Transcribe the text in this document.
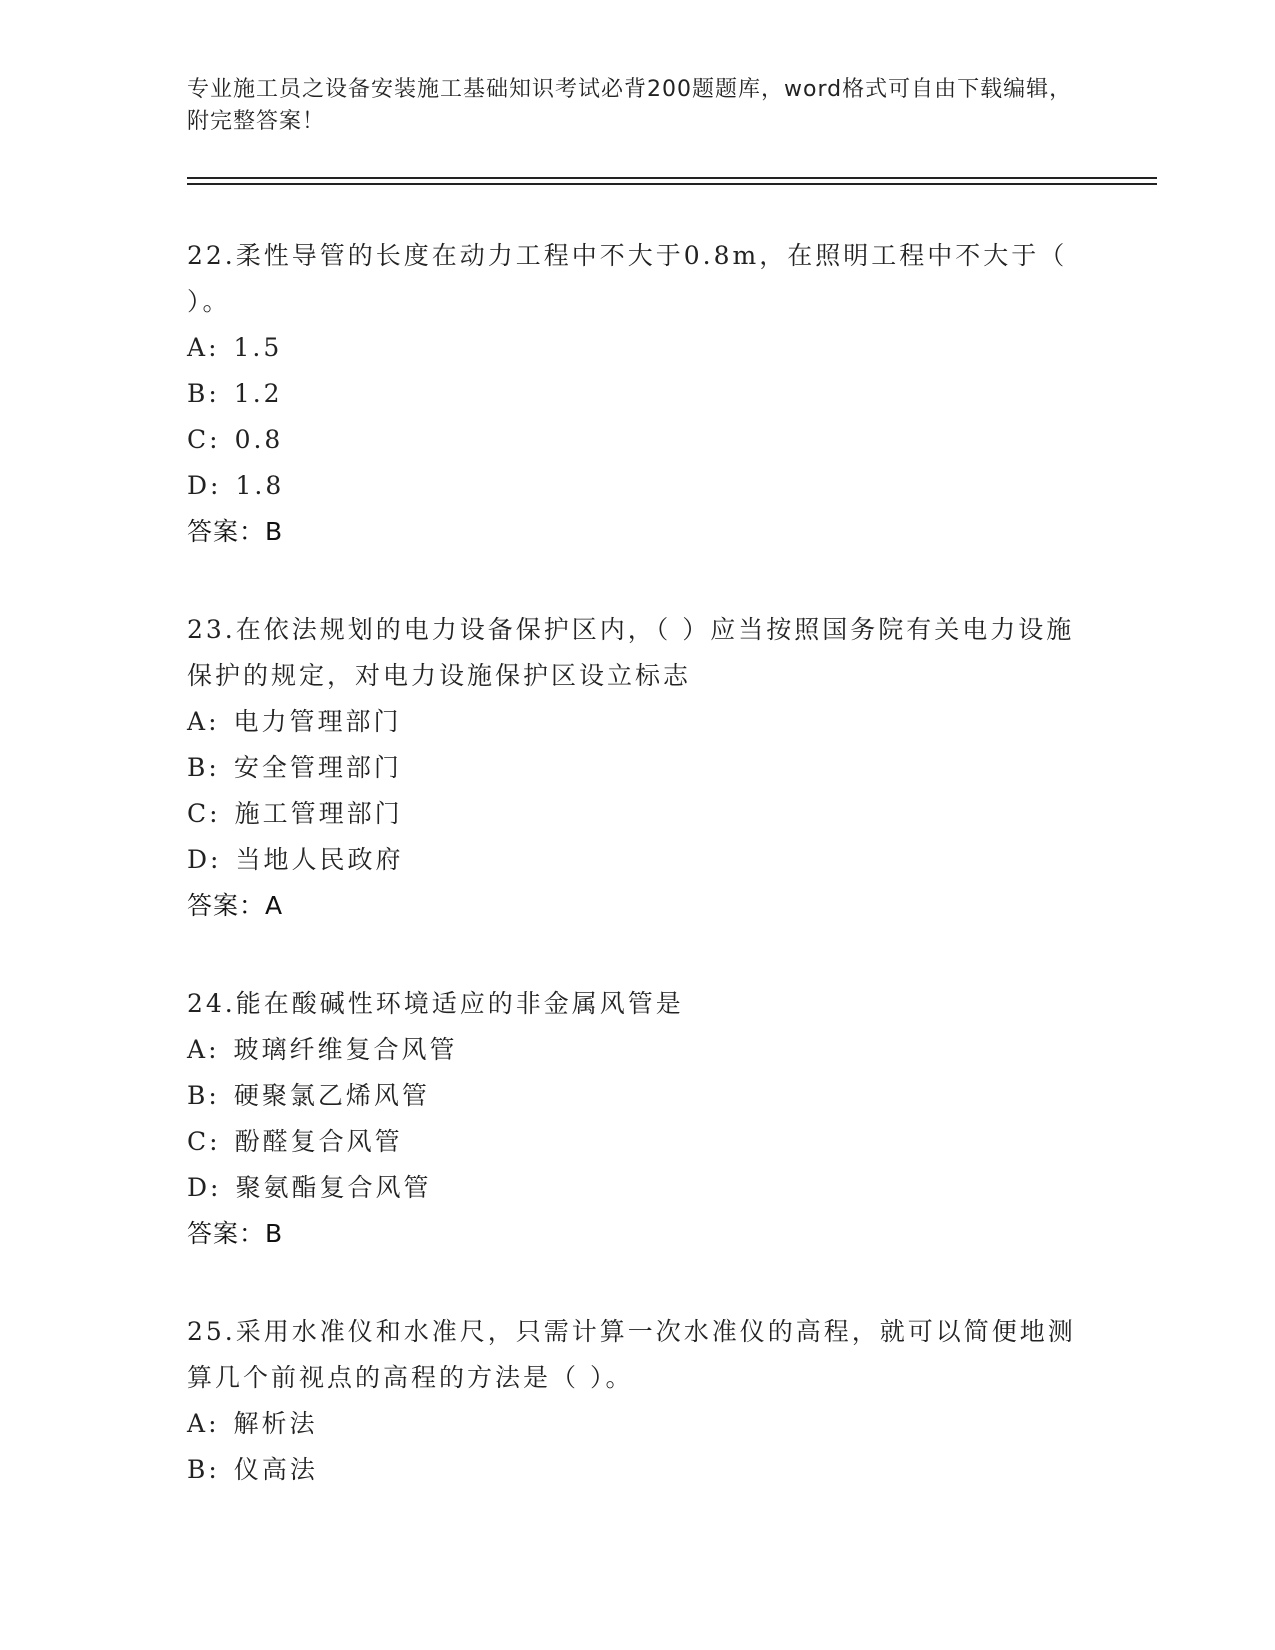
专业施工员之设备安装施工基础知识考试必背200题题库，word格式可自由下载编辑，附完整答案！

22.柔性导管的长度在动力工程中不大于0.8m，在照明工程中不大于（ ）。

A: 1.5

B: 1.2

C: 0.8

D: 1.8

答案：B

23.在依法规划的电力设备保护区内，（ ）应当按照国务院有关电力设施保护的规定，对电力设施保护区设立标志

A: 电力管理部门

B: 安全管理部门

C: 施工管理部门

D: 当地人民政府

答案：A

24.能在酸碱性环境适应的非金属风管是

A: 玻璃纤维复合风管

B: 硬聚氯乙烯风管

C: 酚醛复合风管

D: 聚氨酯复合风管

答案：B

25.采用水准仪和水准尺，只需计算一次水准仪的高程，就可以简便地测算几个前视点的高程的方法是（ ）。

A: 解析法

B: 仪高法
